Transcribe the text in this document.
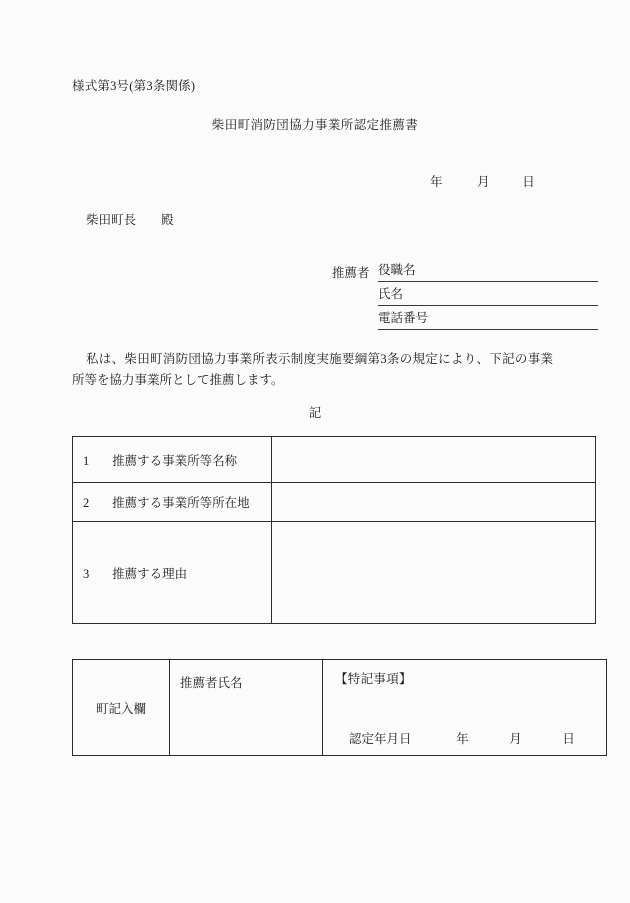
様式第3号(第3条関係)
柴田町消防団協力事業所認定推薦書
年	月	日
柴田町長 殿
推薦者 役職名
氏名
電話番号
私は、柴田町消防団協力事業所表示制度実施要綱第3条の規定により、下記の事業所等を協力事業所として推薦します。
記
1 推薦する事業所等名称	
2 推薦する事業所等所在地	
3 推薦する理由	
町記入欄	推薦者氏名	【特記事項】
認定年月日	年	月	日
